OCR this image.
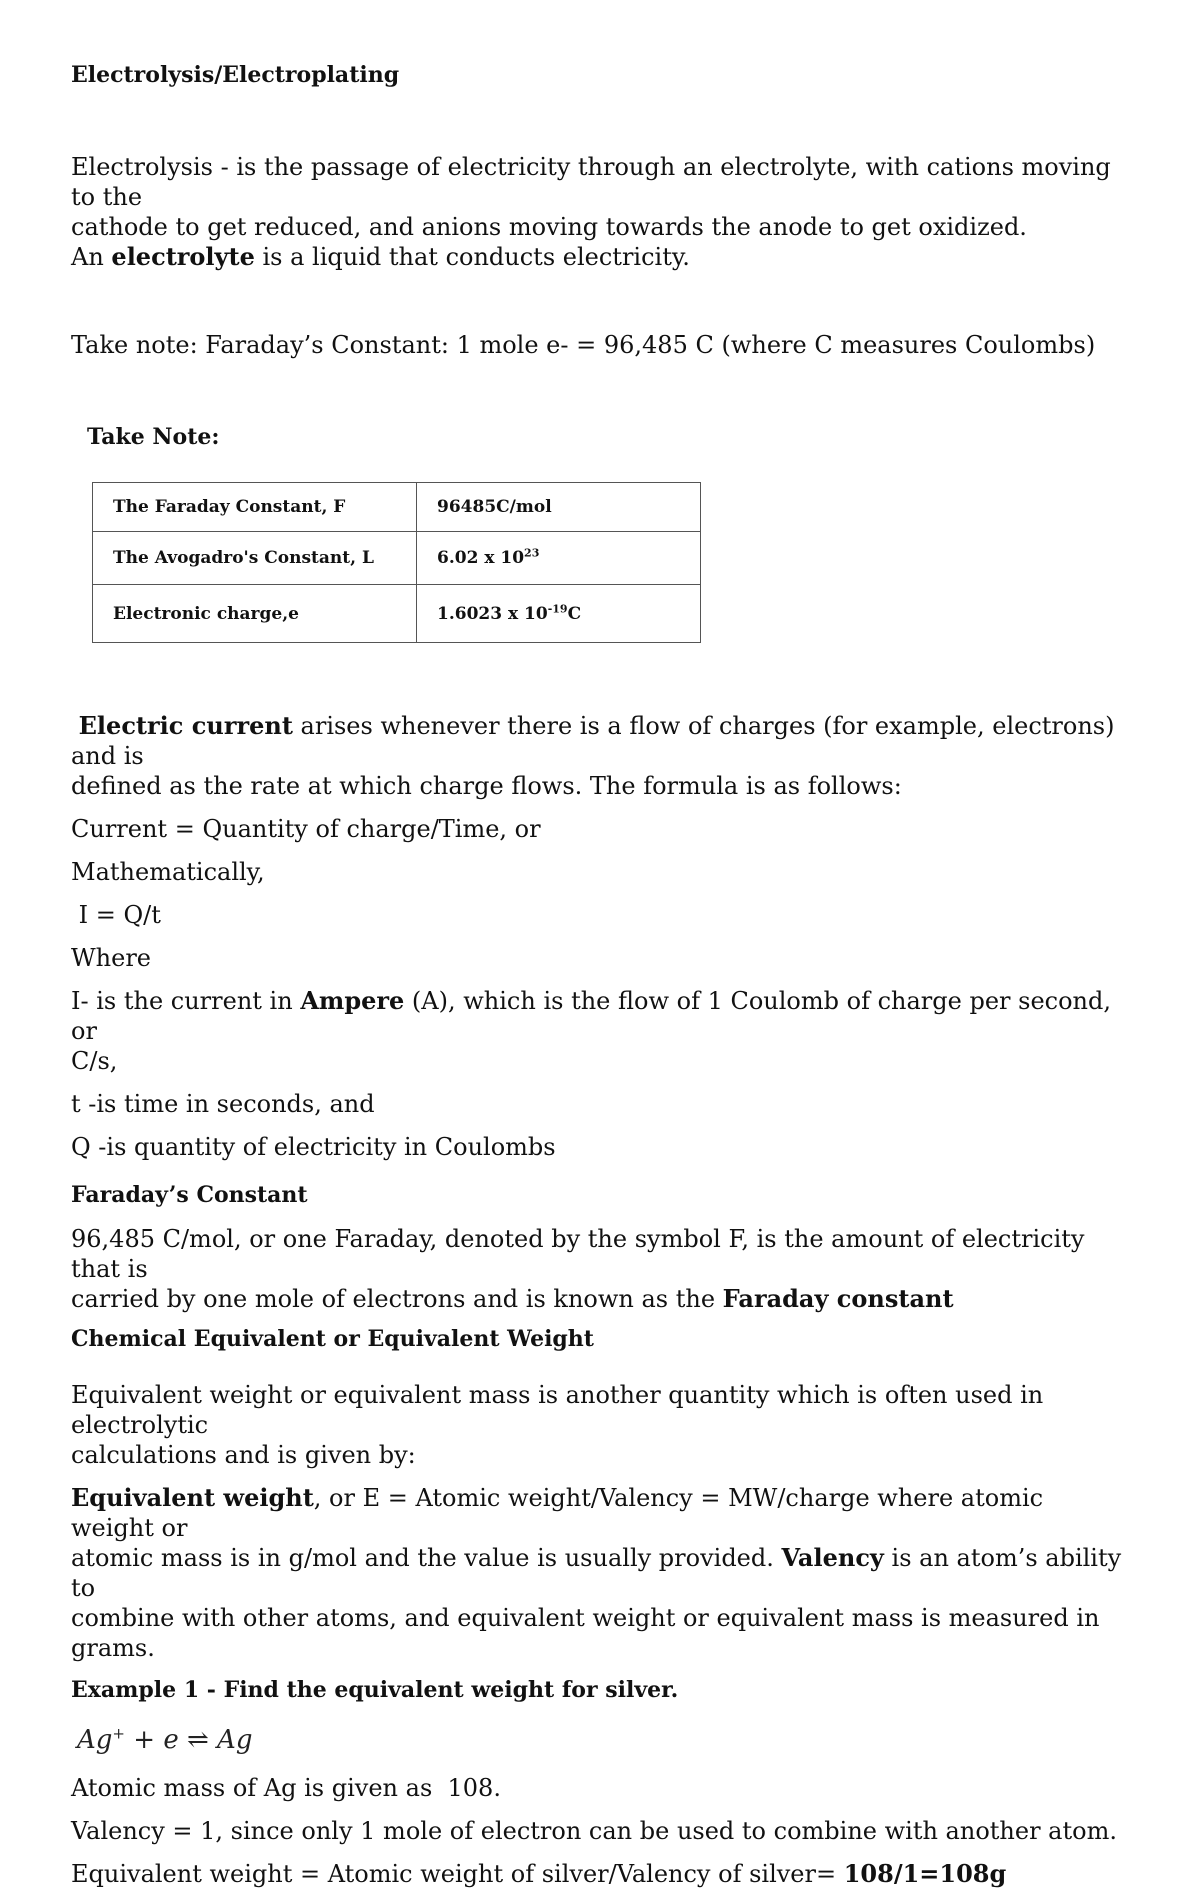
Electrolysis/Electroplating

Electrolysis - is the passage of electricity through an electrolyte, with cations moving to the

cathode to get reduced, and anions moving towards the anode to get oxidized.

An electrolyte is a liquid that conducts electricity.

Take note: Faraday’s Constant: 1 mole e- = 96,485 C (where C measures Coulombs)

Take Note:

The Faraday Constant, F	96485C/mol
The Avogadro's Constant, L	6.02 x $10^{23}$
Electronic charge,e	1.6023 x $10^{-19}C$

Electric current arises whenever there is a flow of charges (for example, electrons) and is

defined as the rate at which charge flows. The formula is as follows:

Current = Quantity of charge/Time, or

Mathematically,

I = Q/t

Where

I- is the current in Ampere (A), which is the flow of 1 Coulomb of charge per second, or

C/s,

t -is time in seconds, and

Q -is quantity of electricity in Coulombs

Faraday’s Constant

96,485 C/mol, or one Faraday, denoted by the symbol F, is the amount of electricity that is

carried by one mole of electrons and is known as the Faraday constant

Chemical Equivalent or Equivalent Weight

Equivalent weight or equivalent mass is another quantity which is often used in electrolytic

calculations and is given by:

Equivalent weight, or E = Atomic weight/Valency = MW/charge where atomic weight or

atomic mass is in g/mol and the value is usually provided. Valency is an atom’s ability to

combine with other atoms, and equivalent weight or equivalent mass is measured in grams.

Example 1 - Find the equivalent weight for silver.

Ag+ + e ⇌ Ag

Atomic mass of Ag is given as  108.

Valency = 1, since only 1 mole of electron can be used to combine with another atom.

Equivalent weight = Atomic weight of silver/Valency of silver= 108/1=108g
